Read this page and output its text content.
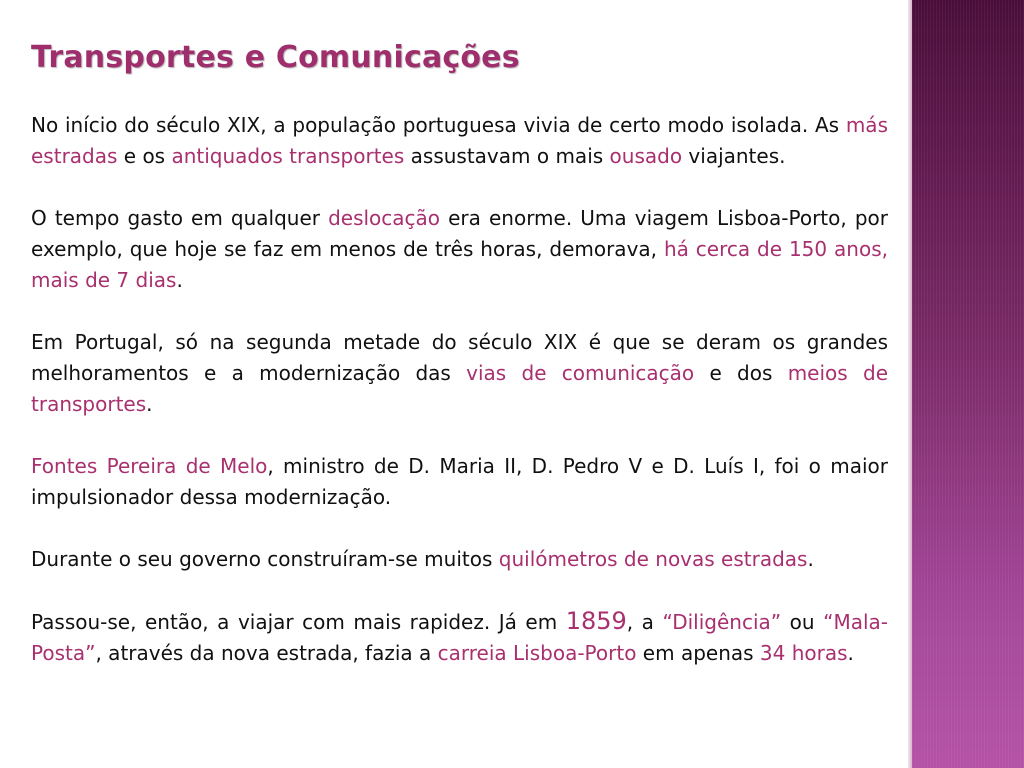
Transportes e Comunicações

No início do século XIX, a população portuguesa vivia de certo modo isolada. As más estradas e os antiquados transportes assustavam o mais ousado viajantes.

O tempo gasto em qualquer deslocação era enorme. Uma viagem Lisboa-Porto, por exemplo, que hoje se faz em menos de três horas, demorava, há cerca de 150 anos, mais de 7 dias.

Em Portugal, só na segunda metade do século XIX é que se deram os grandes melhoramentos e a modernização das vias de comunicação e dos meios de transportes.

Fontes Pereira de Melo, ministro de D. Maria II, D. Pedro V e D. Luís I, foi o maior impulsionador dessa modernização.

Durante o seu governo construíram-se muitos quilómetros de novas estradas.

Passou-se, então, a viajar com mais rapidez. Já em 1859, a “Diligência” ou “Mala-Posta”, através da nova estrada, fazia a carreia Lisboa-Porto em apenas 34 horas.
